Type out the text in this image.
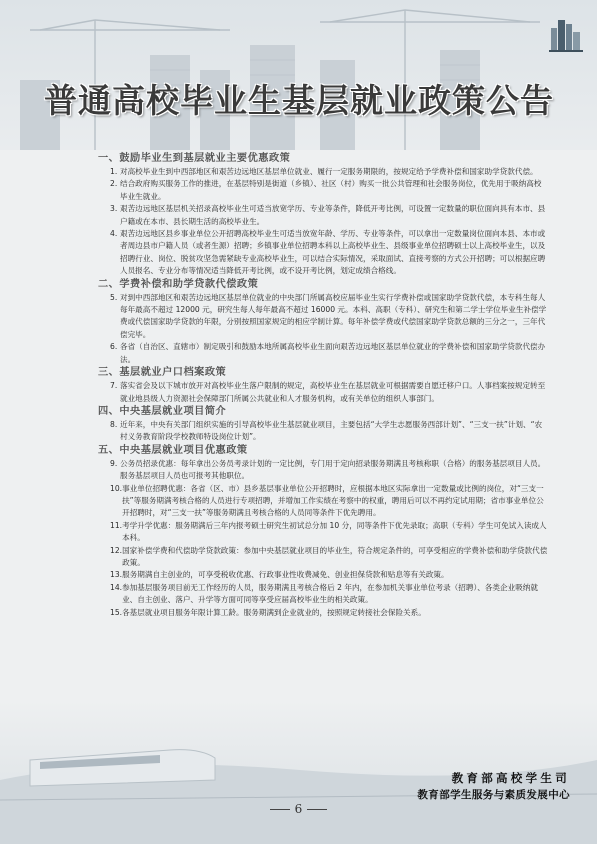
普通高校毕业生基层就业政策公告
一、鼓励毕业生到基层就业主要优惠政策
1. 对高校毕业生到中西部地区和艰苦边远地区基层单位就业、履行一定服务期限的，按规定给予学费补偿和国家助学贷款代偿。
2. 结合政府购买服务工作的推进，在基层特别是街道（乡镇）、社区（村）购买一批公共管理和社会服务岗位，优先用于吸纳高校毕业生就业。
3. 艰苦边远地区基层机关招录高校毕业生可适当放宽学历、专业等条件，降低开考比例，可设置一定数量的职位面向具有本市、县户籍或在本市、县长期生活的高校毕业生。
4. 艰苦边远地区县乡事业单位公开招聘高校毕业生可适当放宽年龄、学历、专业等条件，可以拿出一定数量岗位面向本县、本市或者周边县市户籍人员（或者生源）招聘；乡镇事业单位招聘本科以上高校毕业生、县级事业单位招聘硕士以上高校毕业生，以及招聘行业、岗位、脱贫攻坚急需紧缺专业高校毕业生，可以结合实际情况，采取面试、直接考察的方式公开招聘；可以根据应聘人员报名、专业分布等情况适当降低开考比例，或不设开考比例，划定成绩合格线。
二、学费补偿和助学贷款代偿政策
5. 对到中西部地区和艰苦边远地区基层单位就业的中央部门所属高校应届毕业生实行学费补偿或国家助学贷款代偿，本专科生每人每年最高不超过 12000 元，研究生每人每年最高不超过 16000 元。本科、高职（专科）、研究生和第二学士学位毕业生补偿学费或代偿国家助学贷款的年限，分别按照国家规定的相应学制计算。每年补偿学费或代偿国家助学贷款总额的三分之一，三年代偿完毕。
6. 各省（自治区、直辖市）制定吸引和鼓励本地所属高校毕业生面向艰苦边远地区基层单位就业的学费补偿和国家助学贷款代偿办法。
三、基层就业户口档案政策
7. 落实省会及以下城市放开对高校毕业生落户限制的规定，高校毕业生在基层就业可根据需要自愿迁移户口。人事档案按规定转至就业地县级人力资源社会保障部门所属公共就业和人才服务机构，或有关单位的组织人事部门。
四、中央基层就业项目简介
8. 近年来，中央有关部门组织实施的引导高校毕业生基层就业项目，主要包括“大学生志愿服务西部计划”、“三支一扶”计划、“农村义务教育阶段学校教师特设岗位计划”。
五、中央基层就业项目优惠政策
9. 公务员招录优惠：每年拿出公务员考录计划的一定比例，专门用于定向招录服务期满且考核称职（合格）的服务基层项目人员。服务基层项目人员也可报考其他职位。
10. 事业单位招聘优惠：各省（区、市）县乡基层事业单位公开招聘时，应根据本地区实际拿出一定数量或比例的岗位，对“三支一扶”等服务期满考核合格的人员进行专项招聘，并增加工作实绩在考察中的权重，聘用后可以不再约定试用期；省市事业单位公开招聘时，对“三支一扶”等服务期满且考核合格的人员同等条件下优先聘用。
11. 考学升学优惠：服务期满后三年内报考硕士研究生初试总分加 10 分，同等条件下优先录取；高职（专科）学生可免试入读成人本科。
12. 国家补偿学费和代偿助学贷款政策：参加中央基层就业项目的毕业生，符合规定条件的，可享受相应的学费补偿和助学贷款代偿政策。
13. 服务期满自主创业的，可享受税收优惠、行政事业性收费减免、创业担保贷款和贴息等有关政策。
14. 参加基层服务项目前无工作经历的人员，服务期满且考核合格后 2 年内，在参加机关事业单位考录（招聘）、各类企业吸纳就业、自主创业、落户、升学等方面可同等享受应届高校毕业生的相关政策。
15. 各基层就业项目服务年限计算工龄。服务期满到企业就业的，按照规定转接社会保险关系。
教育部高校学生司
教育部学生服务与素质发展中心
6
